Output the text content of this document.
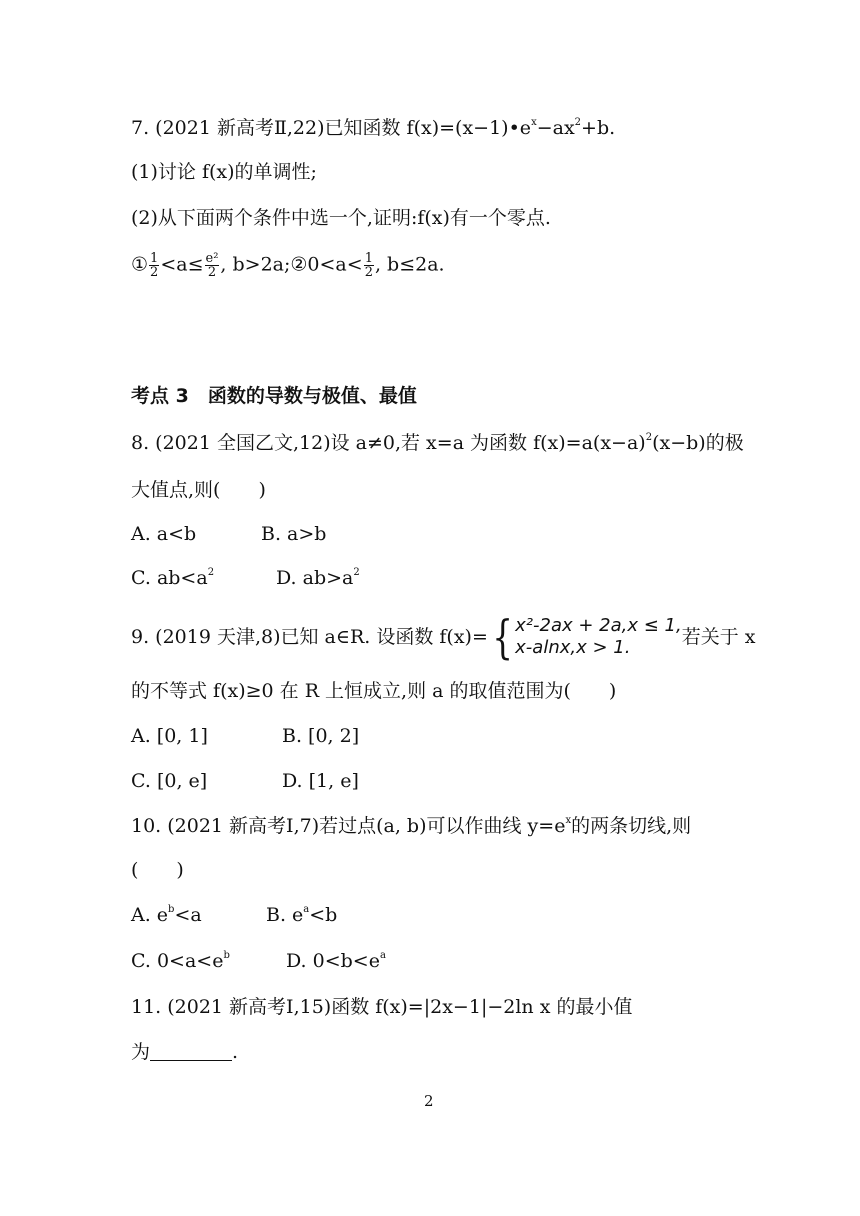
7. (2021 新高考Ⅱ,22)已知函数 $f(x)=(x-1)•e^x-ax^2+b$.
(1)讨论 f(x)的单调性;
(2)从下面两个条件中选一个,证明:f(x)有一个零点.
① $\frac{1}{2} <a\le \frac{\text{e²}}{2}$ , b>2a;②0<a< $\frac{1}{2}$ , b≤2a.
考点 3　函数的导数与极值、最值
8. (2021 全国乙文,12)设 a≠0,若 x=a 为函数 $f(x)=a(x-a)^2(x-b)$的极
大值点,则(　　)
A. a<b	B. a>b
C. $ab<a^2$	D. $ab>a^2$
9. (2019 天津,8)已知 a∈R. 设函数 f(x)={ x²-2ax + 2a,x ≤ 1,
x-alnx,x > 1.	若关于 x
的不等式 f(x)≥0 在 R 上恒成立,则 a 的取值范围为(　　)
A. [0, 1]	B. [0, 2]
C. [0, e]	D. [1, e]
10. (2021 新高考Ⅰ,7)若过点(a, b)可以作曲线 $y=e^x$的两条切线,则
(　　)
A. $e^b<a$	B. $e^a<b$
C. $0<a<e^b$	D. $0<b<e^a$
11. (2021 新高考Ⅰ,15)函数 f(x)=|2x−1|−2ln x 的最小值
为	.
2
